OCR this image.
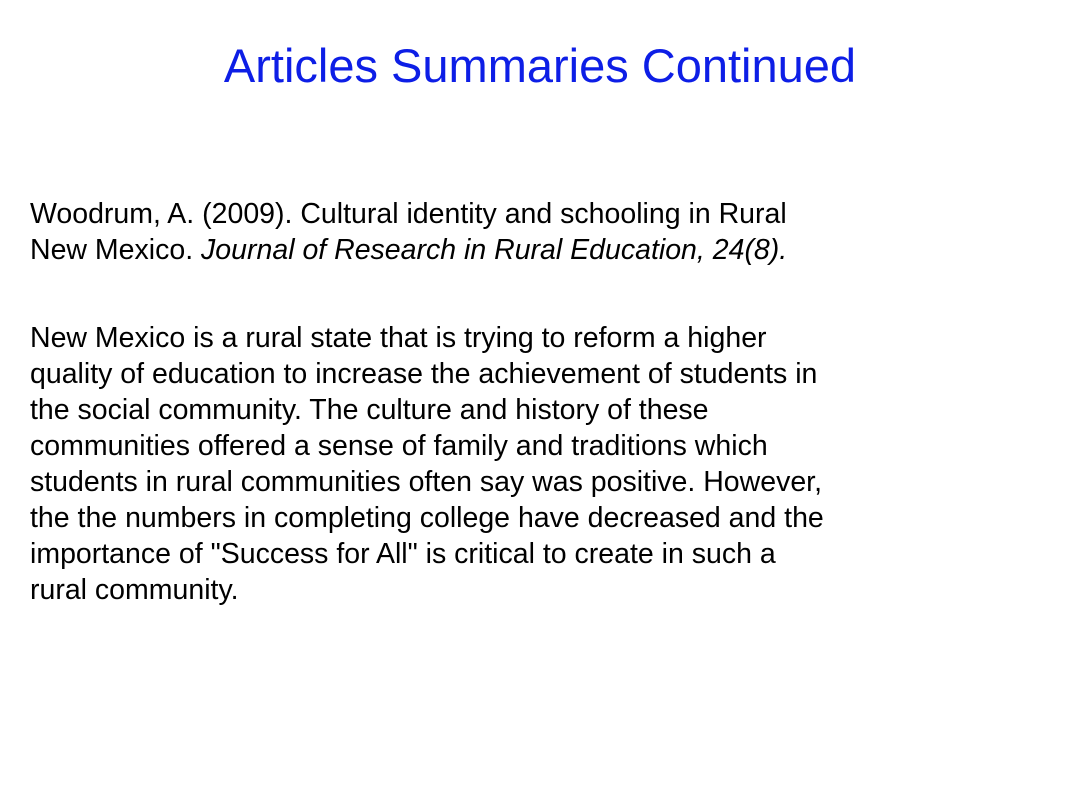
Articles Summaries Continued
Woodrum, A. (2009). Cultural identity and schooling in Rural
New Mexico. Journal of Research in Rural Education, 24(8).
New Mexico is a rural state that is trying to reform a higher
quality of education to increase the achievement of students in
the social community. The culture and history of these
communities offered a sense of family and traditions which
students in rural communities often say was positive. However,
the the numbers in completing college have decreased and the
importance of "Success for All" is critical to create in such a
rural community.
